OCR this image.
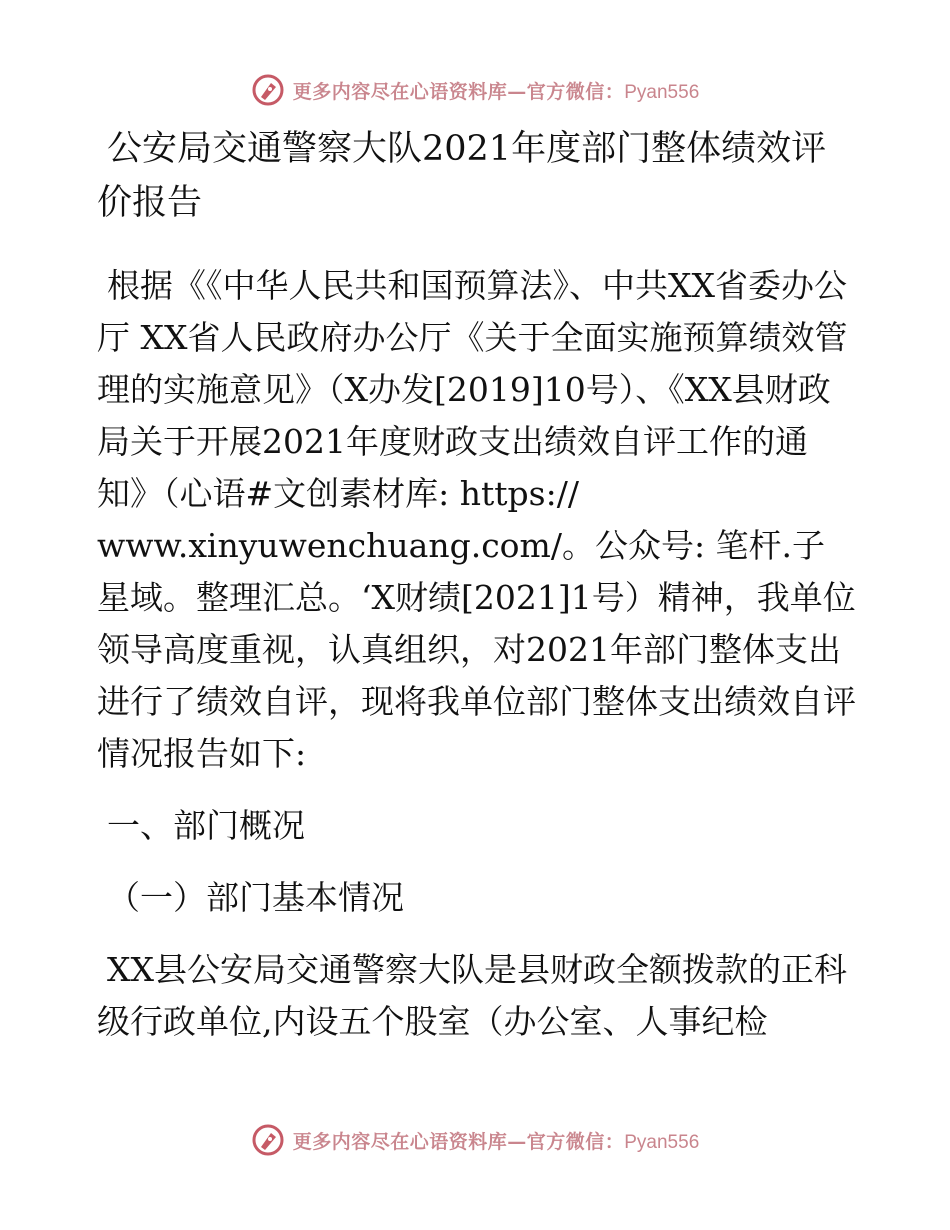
更多内容尽在心语资料库—官方微信：Pyan556
公安局交通警察大队2021年度部门整体绩效评价报告

根据《《中华人民共和国预算法》、中共XX省委办公厅 XX省人民政府办公厅《关于全面实施预算绩效管理的实施意见》（X办发[2019]10号）、《XX县财政局关于开展2021年度财政支出绩效自评工作的通知》（心语#文创素材库: https:// www.xinyuwenchuang.com/。公众号: 笔杆.子星域。整理汇总。‘X财绩[2021]1号）精神，我单位领导高度重视，认真组织，对2021年部门整体支出进行了绩效自评，现将我单位部门整体支出绩效自评情况报告如下:

一、部门概况

（一）部门基本情况

XX县公安局交通警察大队是县财政全额拨款的正科级行政单位,内设五个股室（办公室、人事纪检

更多内容尽在心语资料库—官方微信：Pyan556
